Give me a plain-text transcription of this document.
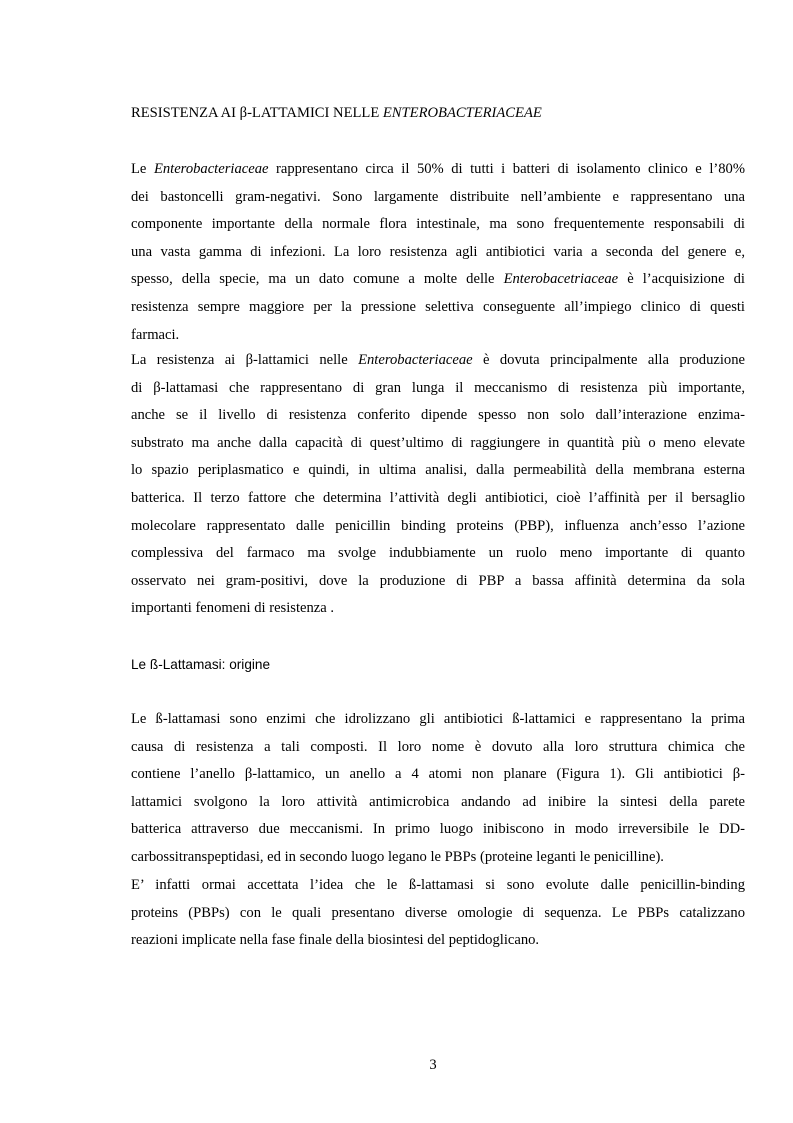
RESISTENZA AI β-LATTAMICI NELLE ENTEROBACTERIACEAE
Le Enterobacteriaceae rappresentano circa il 50% di tutti i batteri di isolamento clinico e l’80%
dei bastoncelli gram-negativi. Sono largamente distribuite nell’ambiente e rappresentano una
componente importante della normale flora intestinale, ma sono frequentemente responsabili di
una vasta gamma di infezioni. La loro resistenza agli antibiotici varia a seconda del genere e,
spesso, della specie, ma un dato comune a molte delle Enterobacetriaceae è l’acquisizione di
resistenza sempre maggiore per la pressione selettiva conseguente all’impiego clinico di questi
farmaci.
La resistenza ai β-lattamici nelle Enterobacteriaceae è dovuta principalmente alla produzione
di β-lattamasi che rappresentano di gran lunga il meccanismo di resistenza più importante,
anche se il livello di resistenza conferito dipende spesso non solo dall’interazione enzima-
substrato ma anche dalla capacità di quest’ultimo di raggiungere in quantità più o meno elevate
lo spazio periplasmatico e quindi, in ultima analisi, dalla permeabilità della membrana esterna
batterica. Il terzo fattore che determina l’attività degli antibiotici, cioè l’affinità per il bersaglio
molecolare rappresentato dalle penicillin binding proteins (PBP), influenza anch’esso l’azione
complessiva del farmaco ma svolge indubbiamente un ruolo meno importante di quanto
osservato nei gram-positivi, dove la produzione di PBP a bassa affinità determina da sola
importanti fenomeni di resistenza .
Le ß-Lattamasi: origine
Le ß-lattamasi sono enzimi che idrolizzano gli antibiotici ß-lattamici e rappresentano la prima
causa di resistenza a tali composti. Il loro nome è dovuto alla loro struttura chimica che
contiene l’anello β-lattamico, un anello a 4 atomi non planare (Figura 1). Gli antibiotici β-
lattamici svolgono la loro attività antimicrobica andando ad inibire la sintesi della parete
batterica attraverso due meccanismi. In primo luogo inibiscono in modo irreversibile le DD-
carbossitranspeptidasi, ed in secondo luogo legano le PBPs (proteine leganti le penicilline).
E’ infatti ormai accettata l’idea che le ß-lattamasi si sono evolute dalle penicillin-binding
proteins (PBPs) con le quali presentano diverse omologie di sequenza. Le PBPs catalizzano
reazioni implicate nella fase finale della biosintesi del peptidoglicano.
3
